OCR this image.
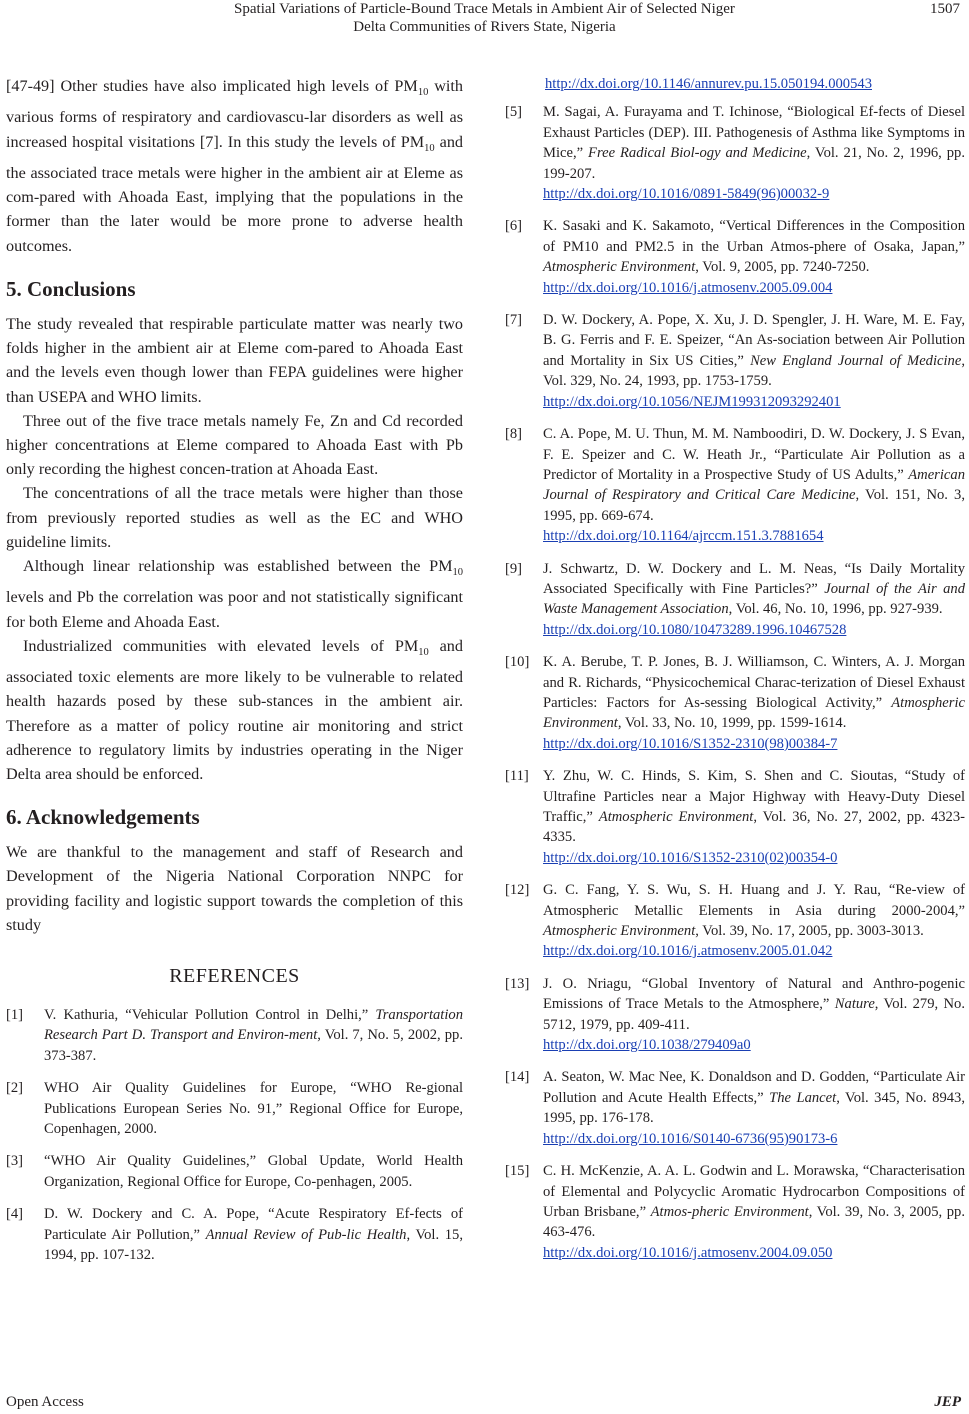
Spatial Variations of Particle-Bound Trace Metals in Ambient Air of Selected Niger
Delta Communities of Rivers State, Nigeria
1507

[47-49] Other studies have also implicated high levels of $PM_{10}$ with various forms of respiratory and cardiovascu-lar disorders as well as increased hospital visitations [7]. In this study the levels of $PM_{10}$ and the associated trace metals were higher in the ambient air at Eleme as com-pared with Ahoada East, implying that the populations in the former than the later would be more prone to adverse health outcomes.

5. Conclusions

The study revealed that respirable particulate matter was nearly two folds higher in the ambient air at Eleme com-pared to Ahoada East and the levels even though lower than FEPA guidelines were higher than USEPA and WHO limits.

Three out of the five trace metals namely Fe, Zn and Cd recorded higher concentrations at Eleme compared to Ahoada East with Pb only recording the highest concen-tration at Ahoada East.

The concentrations of all the trace metals were higher than those from previously reported studies as well as the EC and WHO guideline limits.

Although linear relationship was established between the $PM_{10}$ levels and Pb the correlation was poor and not statistically significant for both Eleme and Ahoada East.

Industrialized communities with elevated levels of $PM_{10}$ and associated toxic elements are more likely to be vulnerable to related health hazards posed by these sub-stances in the ambient air. Therefore as a matter of policy routine air monitoring and strict adherence to regulatory limits by industries operating in the Niger Delta area should be enforced.

6. Acknowledgements

We are thankful to the management and staff of Research and Development of the Nigeria National Corporation NNPC for providing facility and logistic support towards the completion of this study

REFERENCES
[1]	V. Kathuria, “Vehicular Pollution Control in Delhi,” Transportation Research Part D. Transport and Environ-ment, Vol. 7, No. 5, 2002, pp. 373-387.
[2]	WHO Air Quality Guidelines for Europe, “WHO Re-gional Publications European Series No. 91,” Regional Office for Europe, Copenhagen, 2000.
[3]	“WHO Air Quality Guidelines,” Global Update, World Health Organization, Regional Office for Europe, Co-penhagen, 2005.
[4]	D. W. Dockery and C. A. Pope, “Acute Respiratory Ef-fects of Particulate Air Pollution,” Annual Review of Pub-lic Health, Vol. 15, 1994, pp. 107-132.
http://dx.doi.org/10.1146/annurev.pu.15.050194.000543
[5]	M. Sagai, A. Furayama and T. Ichinose, “Biological Ef-fects of Diesel Exhaust Particles (DEP). III. Pathogenesis of Asthma like Symptoms in Mice,” Free Radical Biol-ogy and Medicine, Vol. 21, No. 2, 1996, pp. 199-207.
http://dx.doi.org/10.1016/0891-5849(96)00032-9
[6]	K. Sasaki and K. Sakamoto, “Vertical Differences in the Composition of PM10 and PM2.5 in the Urban Atmos-phere of Osaka, Japan,” Atmospheric Environment, Vol. 9, 2005, pp. 7240-7250.
http://dx.doi.org/10.1016/j.atmosenv.2005.09.004
[7]	D. W. Dockery, A. Pope, X. Xu, J. D. Spengler, J. H. Ware, M. E. Fay, B. G. Ferris and F. E. Speizer, “An As-sociation between Air Pollution and Mortality in Six US Cities,” New England Journal of Medicine, Vol. 329, No. 24, 1993, pp. 1753-1759.
http://dx.doi.org/10.1056/NEJM199312093292401
[8]	C. A. Pope, M. U. Thun, M. M. Namboodiri, D. W. Dockery, J. S Evan, F. E. Speizer and C. W. Heath Jr., “Particulate Air Pollution as a Predictor of Mortality in a Prospective Study of US Adults,” American Journal of Respiratory and Critical Care Medicine, Vol. 151, No. 3, 1995, pp. 669-674.
http://dx.doi.org/10.1164/ajrccm.151.3.7881654
[9]	J. Schwartz, D. W. Dockery and L. M. Neas, “Is Daily Mortality Associated Specifically with Fine Particles?” Journal of the Air and Waste Management Association, Vol. 46, No. 10, 1996, pp. 927-939.
http://dx.doi.org/10.1080/10473289.1996.10467528
[10] K. A. Berube, T. P. Jones, B. J. Williamson, C. Winters, A. J. Morgan and R. Richards, “Physicochemical Charac-terization of Diesel Exhaust Particles: Factors for As-sessing Biological Activity,” Atmospheric Environment, Vol. 33, No. 10, 1999, pp. 1599-1614.
http://dx.doi.org/10.1016/S1352-2310(98)00384-7
[11] Y. Zhu, W. C. Hinds, S. Kim, S. Shen and C. Sioutas, “Study of Ultrafine Particles near a Major Highway with Heavy-Duty Diesel Traffic,” Atmospheric Environment, Vol. 36, No. 27, 2002, pp. 4323-4335.
http://dx.doi.org/10.1016/S1352-2310(02)00354-0
[12] G. C. Fang, Y. S. Wu, S. H. Huang and J. Y. Rau, “Re-view of Atmospheric Metallic Elements in Asia during 2000-2004,” Atmospheric Environment, Vol. 39, No. 17, 2005, pp. 3003-3013.
http://dx.doi.org/10.1016/j.atmosenv.2005.01.042
[13] J. O. Nriagu, “Global Inventory of Natural and Anthro-pogenic Emissions of Trace Metals to the Atmosphere,” Nature, Vol. 279, No. 5712, 1979, pp. 409-411.
http://dx.doi.org/10.1038/279409a0
[14] A. Seaton, W. Mac Nee, K. Donaldson and D. Godden, “Particulate Air Pollution and Acute Health Effects,” The Lancet, Vol. 345, No. 8943, 1995, pp. 176-178.
http://dx.doi.org/10.1016/S0140-6736(95)90173-6
[15] C. H. McKenzie, A. A. L. Godwin and L. Morawska, “Characterisation of Elemental and Polycyclic Aromatic Hydrocarbon Compositions of Urban Brisbane,” Atmos-pheric Environment, Vol. 39, No. 3, 2005, pp. 463-476.
http://dx.doi.org/10.1016/j.atmosenv.2004.09.050
Open Access	JEP
